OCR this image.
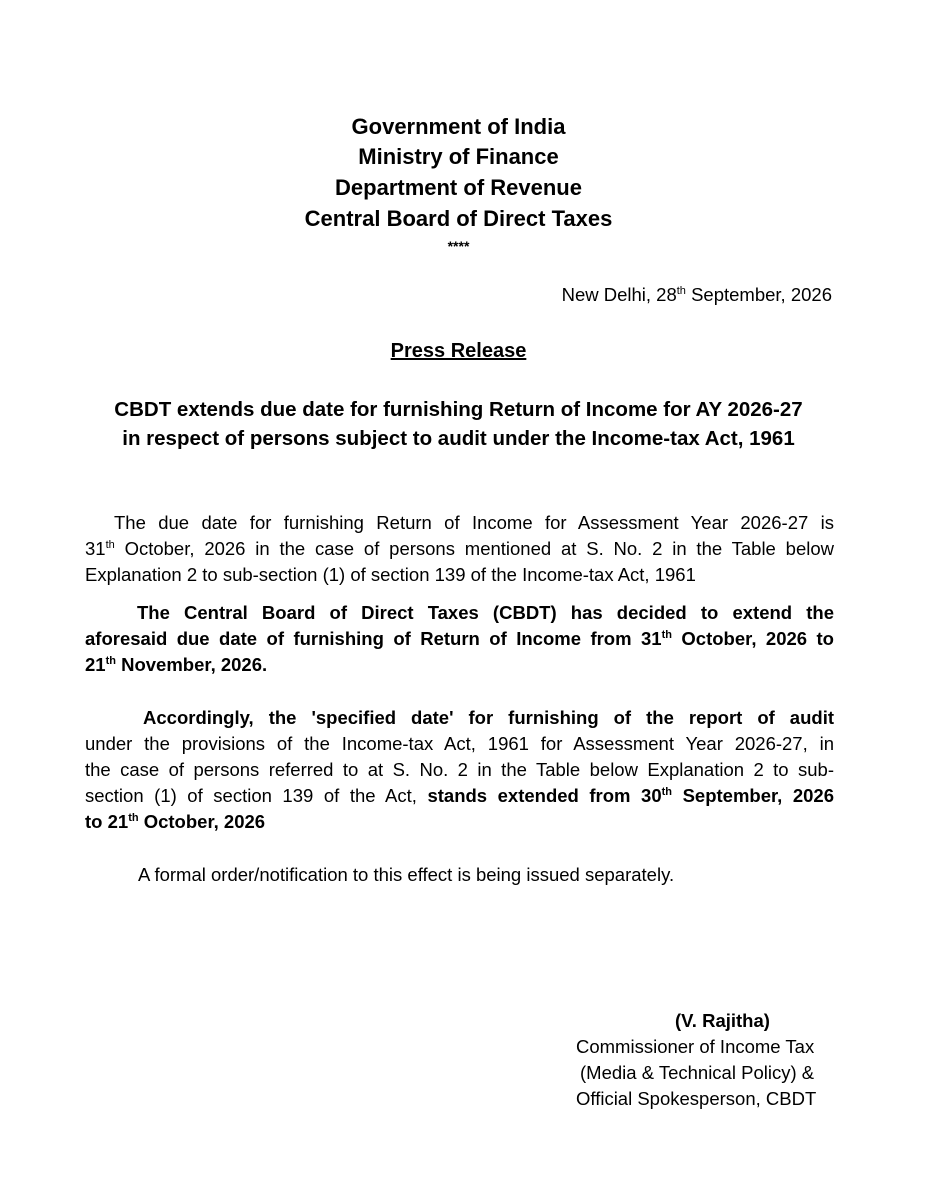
Government of India
Ministry of Finance
Department of Revenue
Central Board of Direct Taxes
****
New Delhi, 28th September, 2026
Press Release
CBDT extends due date for furnishing Return of Income for AY 2026-27
in respect of persons subject to audit under the Income-tax Act, 1961

The due date for furnishing Return of Income for Assessment Year 2026-27 is

31th October, 2026 in the case of persons mentioned at S. No. 2 in the Table below

Explanation 2 to sub-section (1) of section 139 of the Income-tax Act, 1961

The Central Board of Direct Taxes (CBDT) has decided to extend the

aforesaid due date of furnishing of Return of Income from 31th October, 2026 to

21th November, 2026.

Accordingly, the 'specified date' for furnishing of the report of audit

under the provisions of the Income-tax Act, 1961 for Assessment Year 2026-27, in

the case of persons referred to at S. No. 2 in the Table below Explanation 2 to sub-

section (1) of section 139 of the Act, stands extended from 30th September, 2026

to 21th October, 2026

A formal order/notification to this effect is being issued separately.
(V. Rajitha)
Commissioner of Income Tax
(Media & Technical Policy) &
Official Spokesperson, CBDT
